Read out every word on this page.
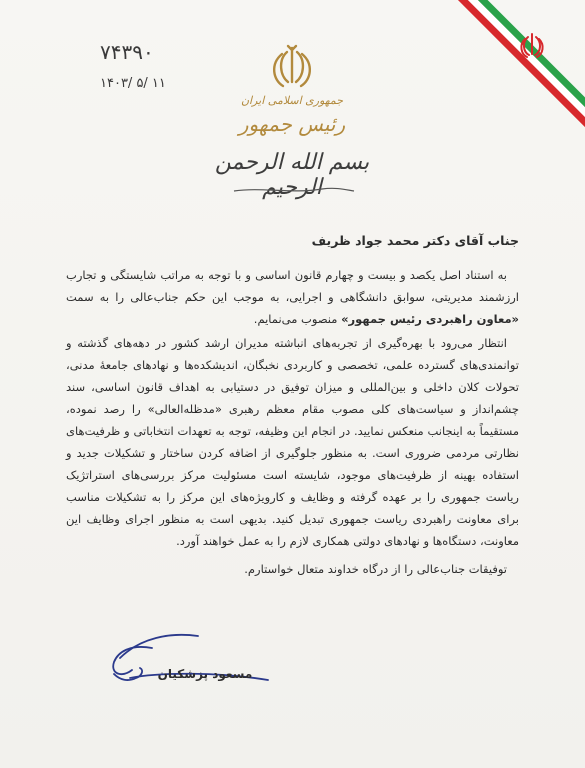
۷۴۳۹۰
۱۴۰۳/ ۵/ ۱۱
جمهوری اسلامی ایران
رئیس جمهور
بسم الله الرحمن الرحیم

جناب آقای دکتر محمد جواد ظریف

به استناد اصل یکصد و بیست و چهارم قانون اساسی و با توجه به مراتب شایستگی و تجارب ارزشمند مدیریتی، سوابق دانشگاهی و اجرایی، به موجب این حکم جناب‌عالی را به سمت «معاون راهبردی رئیس جمهور» منصوب می‌نمایم.

انتظار می‌رود با بهره‌گیری از تجربه‌های انباشته مدیران ارشد کشور در دهه‌های گذشته و توانمندی‌های گسترده علمی، تخصصی و کاربردی نخبگان، اندیشکده‌ها و نهادهای جامعهٔ مدنی، تحولات کلان داخلی و بین‌المللی و میزان توفیق در دستیابی به اهداف قانون اساسی، سند چشم‌انداز و سیاست‌های کلی مصوب مقام معظم رهبری «مدظله‌العالی» را رصد نموده، مستقیماً به اینجانب منعکس نمایید. در انجام این وظیفه، توجه به تعهدات انتخاباتی و ظرفیت‌های نظارتی مردمی ضروری است. به منظور جلوگیری از اضافه کردن ساختار و تشکیلات جدید و استفاده بهینه از ظرفیت‌های موجود، شایسته است مسئولیت مرکز بررسی‌های استراتژیک ریاست جمهوری را بر عهده گرفته و وظایف و کارویژه‌های این مرکز را به تشکیلات مناسب برای معاونت راهبردی ریاست جمهوری تبدیل کنید. بدیهی است به منظور اجرای وظایف این معاونت، دستگاه‌ها و نهادهای دولتی همکاری لازم را به عمل خواهند آورد.

توفیقات جناب‌عالی را از درگاه خداوند متعال خواستارم.

مسعود پزشکیان
